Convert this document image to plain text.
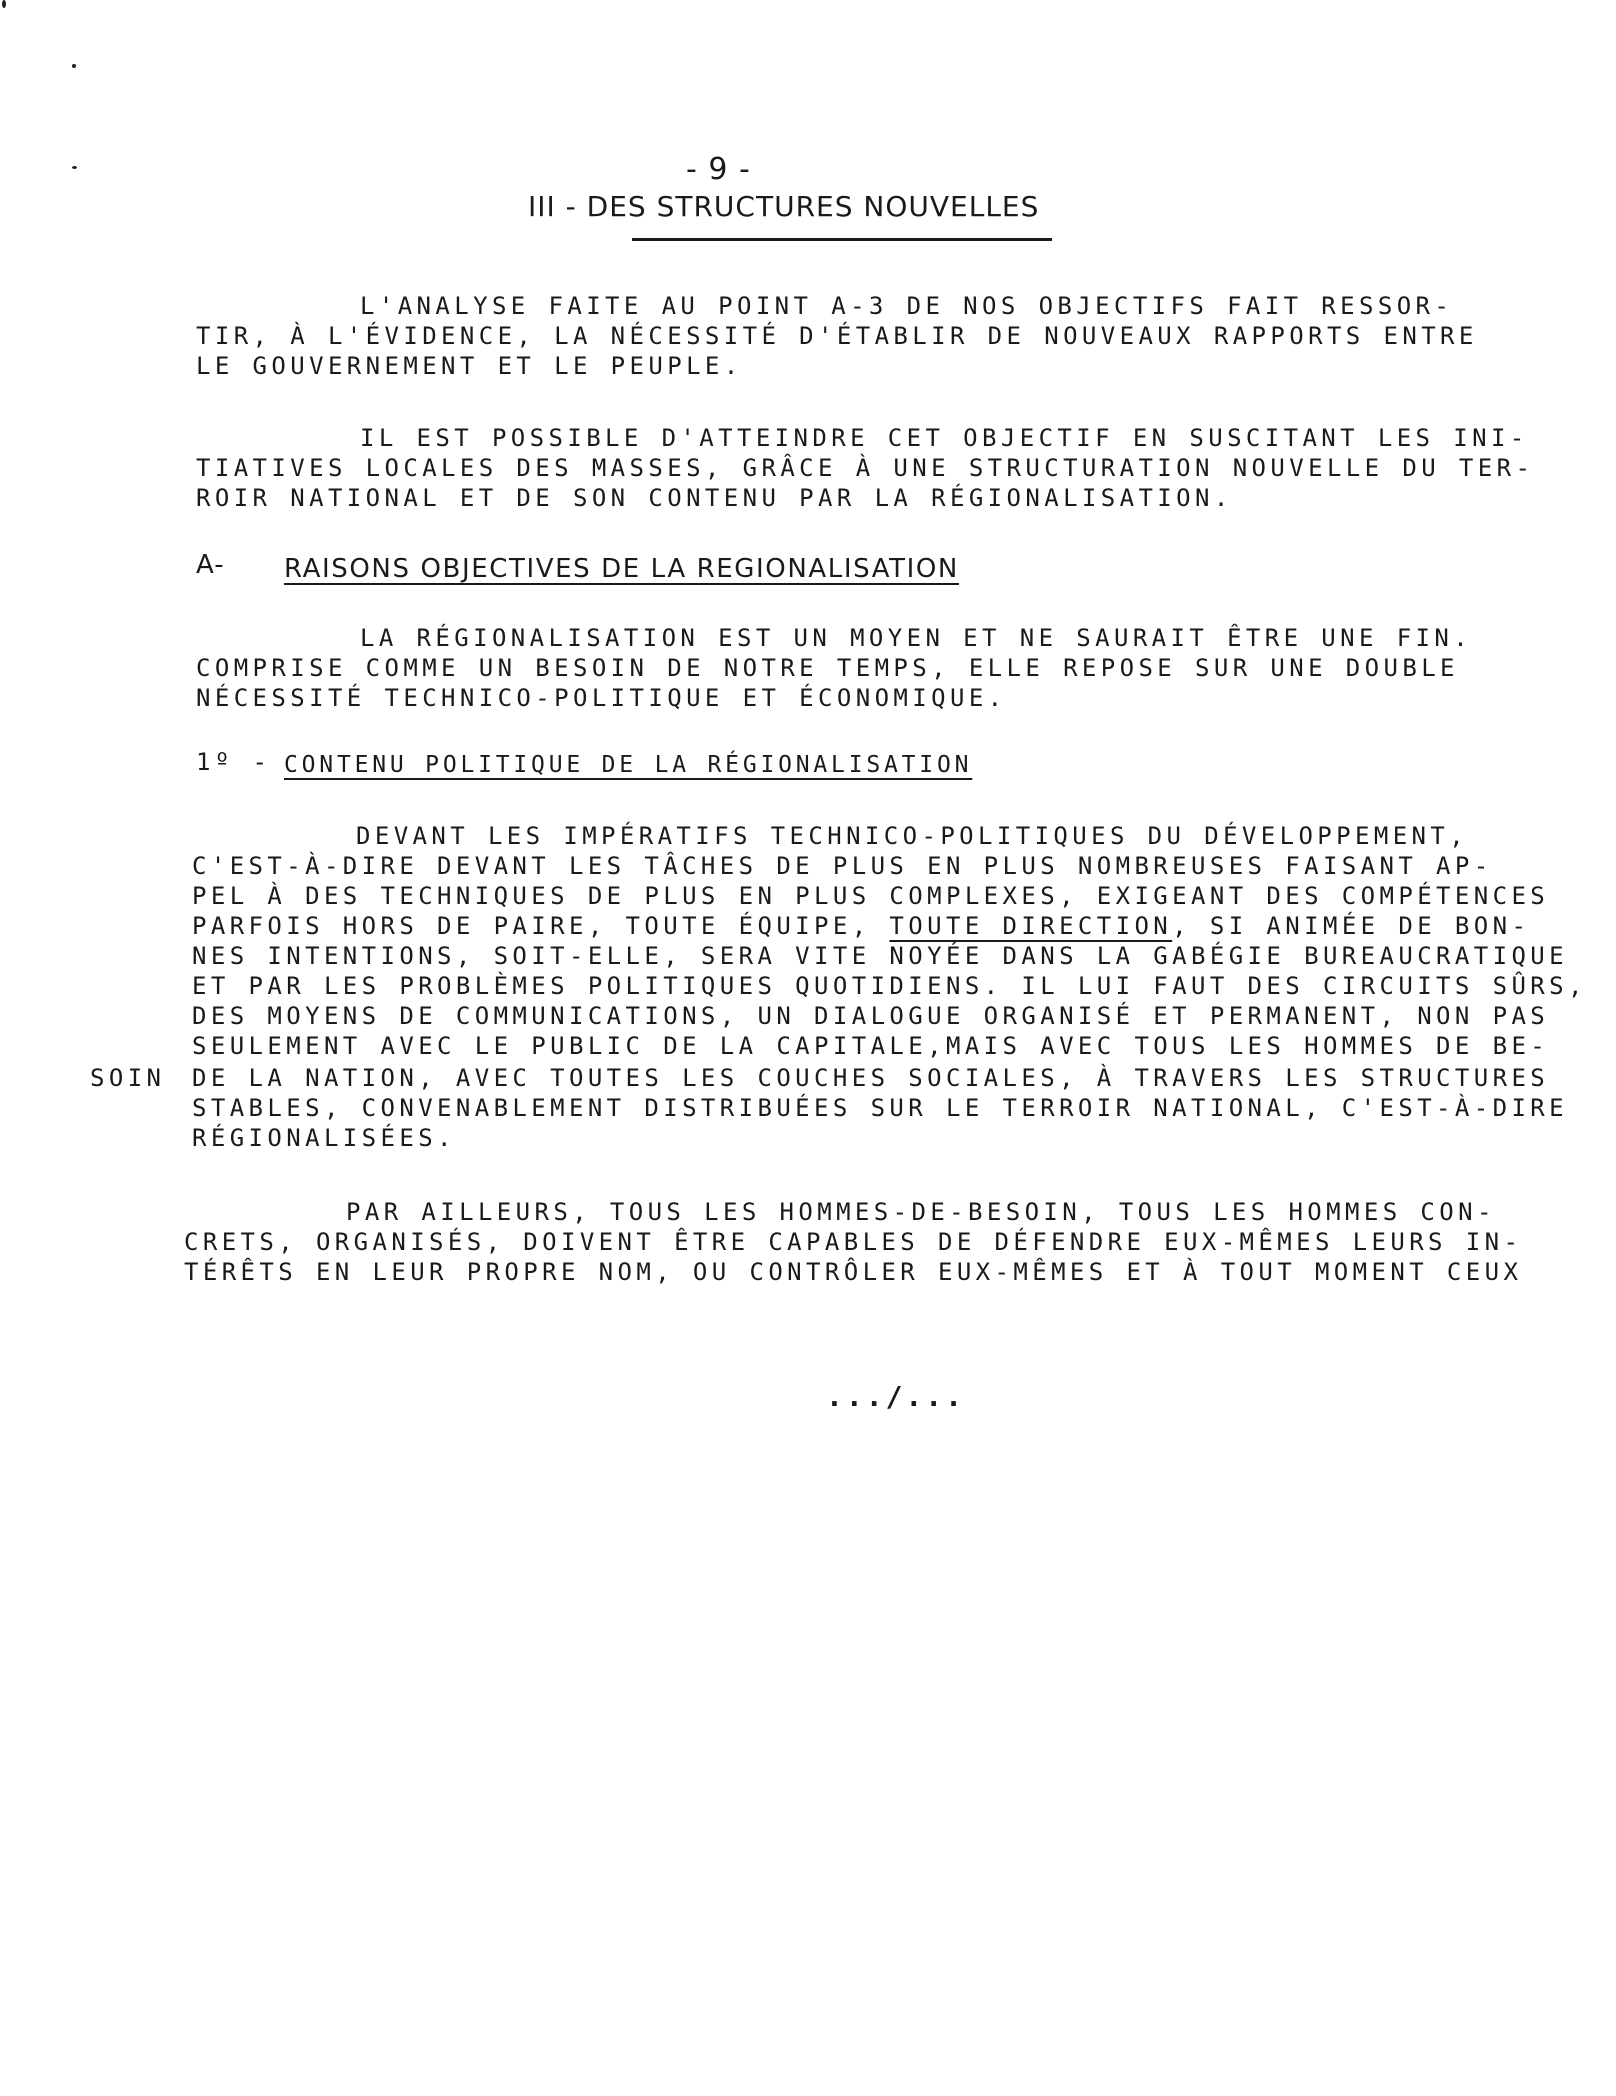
- 9 -
III - DES STRUCTURES NOUVELLES
L'ANALYSE FAITE AU POINT A-3 DE NOS OBJECTIFS FAIT RESSOR-
TIR, À L'ÉVIDENCE, LA NÉCESSITÉ D'ÉTABLIR DE NOUVEAUX RAPPORTS ENTRE
LE GOUVERNEMENT ET LE PEUPLE.
IL EST POSSIBLE D'ATTEINDRE CET OBJECTIF EN SUSCITANT LES INI-
TIATIVES LOCALES DES MASSES, GRÂCE À UNE STRUCTURATION NOUVELLE DU TER-
ROIR NATIONAL ET DE SON CONTENU PAR LA RÉGIONALISATION.
A- RAISONS OBJECTIVES DE LA REGIONALISATION
LA RÉGIONALISATION EST UN MOYEN ET NE SAURAIT ÊTRE UNE FIN.
COMPRISE COMME UN BESOIN DE NOTRE TEMPS, ELLE REPOSE SUR UNE DOUBLE
NÉCESSITÉ TECHNICO-POLITIQUE ET ÉCONOMIQUE.
1º - CONTENU POLITIQUE DE LA RÉGIONALISATION
DEVANT LES IMPÉRATIFS TECHNICO-POLITIQUES DU DÉVELOPPEMENT,
C'EST-À-DIRE DEVANT LES TÂCHES DE PLUS EN PLUS NOMBREUSES FAISANT AP-
PEL À DES TECHNIQUES DE PLUS EN PLUS COMPLEXES, EXIGEANT DES COMPÉTENCES
PARFOIS HORS DE PAIRE, TOUTE ÉQUIPE, TOUTE DIRECTION, SI ANIMÉE DE BON-
NES INTENTIONS, SOIT-ELLE, SERA VITE NOYÉE DANS LA GABÉGIE BUREAUCRATIQUE
ET PAR LES PROBLÈMES POLITIQUES QUOTIDIENS. IL LUI FAUT DES CIRCUITS SÛRS,
DES MOYENS DE COMMUNICATIONS, UN DIALOGUE ORGANISÉ ET PERMANENT, NON PAS
SEULEMENT AVEC LE PUBLIC DE LA CAPITALE,MAIS AVEC TOUS LES HOMMES DE BE-
SOIN DE LA NATION, AVEC TOUTES LES COUCHES SOCIALES, À TRAVERS LES STRUCTURES
STABLES, CONVENABLEMENT DISTRIBUÉES SUR LE TERROIR NATIONAL, C'EST-À-DIRE
RÉGIONALISÉES.
PAR AILLEURS, TOUS LES HOMMES-DE-BESOIN, TOUS LES HOMMES CON-
CRETS, ORGANISÉS, DOIVENT ÊTRE CAPABLES DE DÉFENDRE EUX-MÊMES LEURS IN-
TÉRÊTS EN LEUR PROPRE NOM, OU CONTRÔLER EUX-MÊMES ET À TOUT MOMENT CEUX
.../...
